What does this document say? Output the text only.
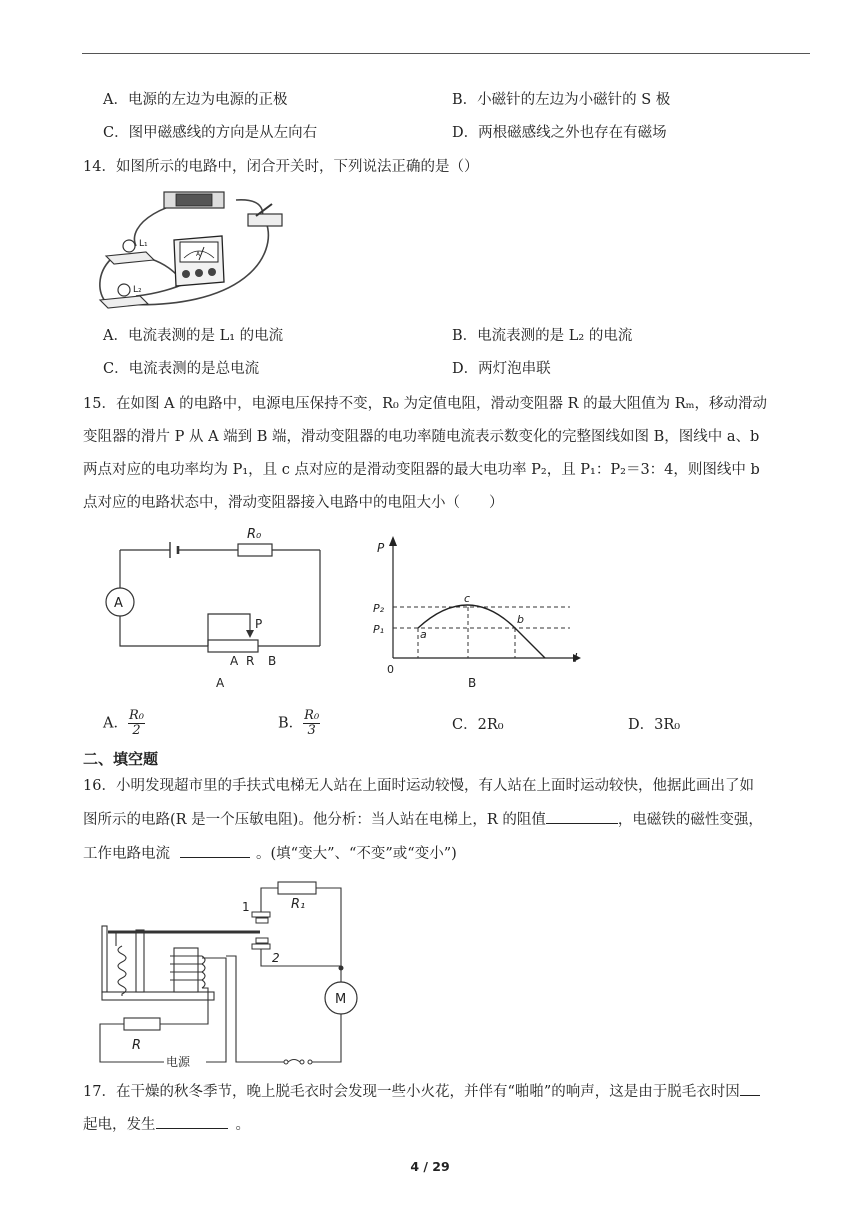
A．电源的左边为电源的正极	B．小磁针的左边为小磁针的 S 极
C．图甲磁感线的方向是从左向右	D．两根磁感线之外也存在有磁场
14．如图所示的电路中，闭合开关时，下列说法正确的是（）
L₁
L₂
A
A．电流表测的是 L₁ 的电流	B．电流表测的是 L₂ 的电流
C．电流表测的是总电流	D．两灯泡串联
15．在如图 A 的电路中，电源电压保持不变，R₀ 为定值电阻，滑动变阻器 R 的最大阻值为 Rₘ，移动滑动
变阻器的滑片 P 从 A 端到 B 端，滑动变阻器的电功率随电流表示数变化的完整图线如图 B，图线中 a、b
两点对应的电功率均为 P₁，且 c 点对应的是滑动变阻器的最大电功率 P₂，且 P₁：P₂＝3：4，则图线中 b
点对应的电路状态中，滑动变阻器接入电路中的电阻大小（　　）
R₀
A
P
A R B
A
P
I
0
P₂
P₁	a
c
b
B
A． $\frac{\text{R₀}}{2}$	B． $\frac{\text{R₀}}{3}$	C．2R₀	D．3R₀
二、填空题
16．小明发现超市里的手扶式电梯无人站在上面时运动较慢，有人站在上面时运动较快，他据此画出了如
图所示的电路(R 是一个压敏电阻)。他分析：当人站在电梯上，R 的阻值	，电磁铁的磁性变强，
工作电路电流	。(填“变大”、“不变”或“变小”)
R
电源
1
2
R₁
M
17．在干燥的秋冬季节，晚上脱毛衣时会发现一些小火花，并伴有“啪啪”的响声，这是由于脱毛衣时因
起电，发生	。
4 / 29
